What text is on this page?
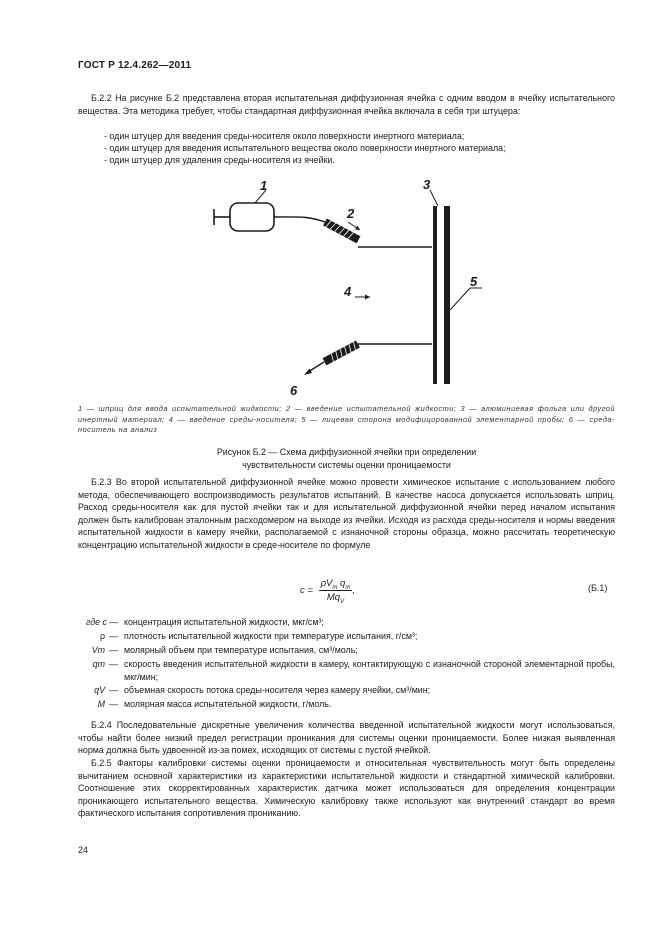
ГОСТ Р 12.4.262—2011

Б.2.2 На рисунке Б.2 представлена вторая испытательная диффузионная ячейка с одним вводом в ячейку испытательного вещества. Эта методика требует, чтобы стандартная диффузионная ячейка включала в себя три штуцера:

- один штуцер для введения среды-носителя около поверхности инертного материала;
- один штуцер для введения испытательного вещества около поверхности инертного материала;
- один штуцер для удаления среды-носителя из ячейки.
1
2
3
4
5
6
1 — шприц для ввода испытательной жидкости; 2 — введение испытательной жидкости; 3 — алюминиевая фольга или другой инертный материал; 4 — введение среды-носителя; 5 — лицевая сторона модифицированной элементарной пробы; 6 — среда-носитель на анализ
Рисунок Б.2 — Схема диффузионной ячейки при определении
чувствительности системы оценки проницаемости

Б.2.3 Во второй испытательной диффузионной ячейке можно провести химическое испытание с использованием любого метода, обеспечивающего воспроизводимость результатов испытаний. В качестве насоса допускается использовать шприц. Расход среды-носителя как для пустой ячейки так и для испытательной диффузионной ячейки перед началом испытания должен быть калиброван эталонным расходомером на выходе из ячейки. Исходя из расхода среды-носителя и нормы введения испытательной жидкости в камеру ячейки, располагаемой с изнаночной стороны образца, можно рассчитать теоретическую концентрацию испытательной жидкости в среде-носителе по формуле

$c = \frac{\rho V_m q_m}{Mq_V}$ ,	(Б.1)
где c — концентрация испытательной жидкости, мкг/см³;
ρ — плотность испытательной жидкости при температуре испытания, г/см³;
Vm — молярный объем при температуре испытания, см³/моль;
qm — скорость введения испытательной жидкости в камеру, контактирующую с изнаночной стороной элементарной пробы, мкг/мин;
qV — объемная скорость потока среды-носителя через камеру ячейки, см³/мин;
M — молярная масса испытательной жидкости, г/моль.

Б.2.4 Последовательные дискретные увеличения количества введенной испытательной жидкости могут использоваться, чтобы найти более низкий предел регистрации проникания для системы оценки проницаемости. Более низкая выявленная норма должна быть удвоенной из-за помех, исходящих от системы с пустой ячейкой.

Б.2.5 Факторы калибровки системы оценки проницаемости и относительная чувствительность могут быть определены вычитанием основной характеристики из характеристики испытательной жидкости и стандартной химической калибровки. Соотношение этих скорректированных характеристик датчика может использоваться для определения концентрации проникающего испытательного вещества. Химическую калибровку также используют как внутренний стандарт во время фактического испытания сопротивления прониканию.

24
